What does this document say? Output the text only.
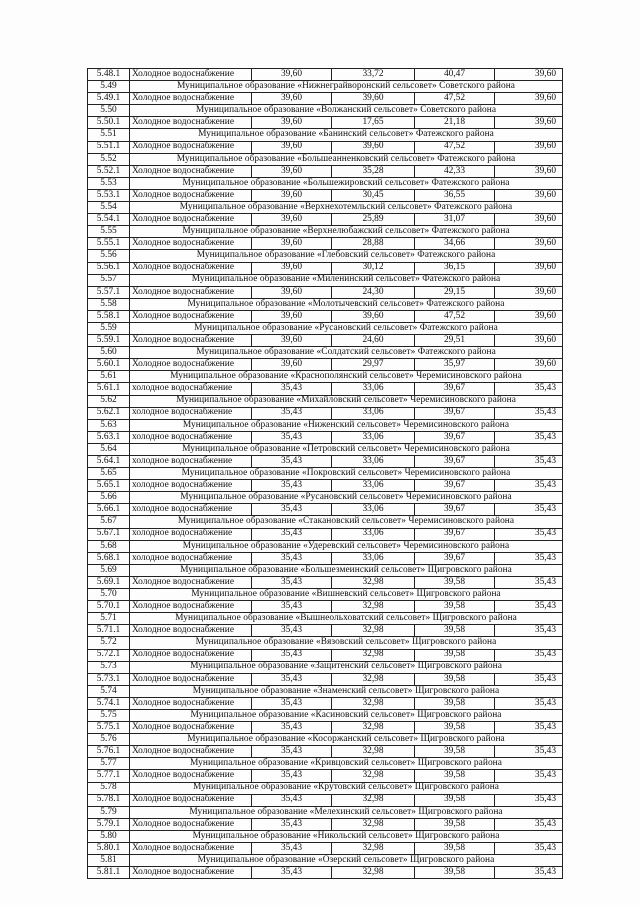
5.48.1	Холодное водоснабжение	39,60	33,72	40,47	39,60
5.49	Муниципальное образование «Нижнеграйворонский сельсовет» Советского района				
5.49.1	Холодное водоснабжение	39,60	39,60	47,52	39,60
5.50	Муниципальное образование «Волжанский сельсовет» Советского района				
5.50.1	Холодное водоснабжение	39,60	17,65	21,18	39,60
5.51	Муниципальное образование «Банинский сельсовет» Фатежского района				
5.51.1	Холодное водоснабжение	39,60	39,60	47,52	39,60
5.52	Муниципальное образование «Большеанненковский сельсовет» Фатежского района				
5.52.1	Холодное водоснабжение	39,60	35,28	42,33	39,60
5.53	Муниципальное образование «Большежировский сельсовет» Фатежского района				
5.53.1	Холодное водоснабжение	39,60	30,45	36,55	39,60
5.54	Муниципальное образование «Верхнехотемльский сельсовет» Фатежского района				
5.54.1	Холодное водоснабжение	39,60	25,89	31,07	39,60
5.55	Муниципальное образование «Верхнелюбажский сельсовет» Фатежского района				
5.55.1	Холодное водоснабжение	39,60	28,88	34,66	39,60
5.56	Муниципальное образование «Глебовский сельсовет» Фатежского района				
5.56.1	Холодное водоснабжение	39,60	30,12	36,15	39,60
5.57	Муниципальное образование «Миленинский сельсовет» Фатежского района				
5.57.1	Холодное водоснабжение	39,60	24,30	29,15	39,60
5.58	Муниципальное образование «Молотычевский сельсовет» Фатежского района				
5.58.1	Холодное водоснабжение	39,60	39,60	47,52	39,60
5.59	Муниципальное образование «Русановский сельсовет» Фатежского района				
5.59.1	Холодное водоснабжение	39,60	24,60	29,51	39,60
5.60	Муниципальное образование «Солдатский сельсовет» Фатежского района				
5.60.1	Холодное водоснабжение	39,60	29,97	35,97	39,60
5.61	Муниципальное образование «Краснополянский сельсовет» Черемисиновского района				
5.61.1	холодное водоснабжение	35,43	33,06	39,67	35,43
5.62	Муниципальное образование «Михайловский сельсовет» Черемисиновского района				
5.62.1	холодное водоснабжение	35,43	33,06	39,67	35,43
5.63	Муниципальное образование «Ниженский сельсовет» Черемисиновского района				
5.63.1	холодное водоснабжение	35,43	33,06	39,67	35,43
5.64	Муниципальное образование «Петровский сельсовет» Черемисиновского района				
5.64.1	холодное водоснабжение	35,43	33,06	39,67	35,43
5.65	Муниципальное образование «Покровский сельсовет» Черемисиновского района				
5.65.1	холодное водоснабжение	35,43	33,06	39,67	35,43
5.66	Муниципальное образование «Русановский сельсовет» Черемисиновского района				
5.66.1	холодное водоснабжение	35,43	33,06	39,67	35,43
5.67	Муниципальное образование «Стакановский сельсовет» Черемисиновского района				
5.67.1	холодное водоснабжение	35,43	33,06	39,67	35,43
5.68	Муниципальное образование «Удеревский сельсовет» Черемисиновского района				
5.68.1	холодное водоснабжение	35,43	33,06	39,67	35,43
5.69	Муниципальное образование «Большезмеинский сельсовет» Щигровского района				
5.69.1	Холодное водоснабжение	35,43	32,98	39,58	35,43
5.70	Муниципальное образование «Вишневский сельсовет» Щигровского района				
5.70.1	Холодное водоснабжение	35,43	32,98	39,58	35,43
5.71	Муниципальное образование «Вышнеольховатский сельсовет» Щигровского района				
5.71.1	Холодное водоснабжение	35,43	32,98	39,58	35,43
5.72	Муниципальное образование «Вязовский сельсовет» Щигровского района				
5.72.1	Холодное водоснабжение	35,43	32,98	39,58	35,43
5.73	Муниципальное образование «Защитенский сельсовет» Щигровского района				
5.73.1	Холодное водоснабжение	35,43	32,98	39,58	35,43
5.74	Муниципальное образование «Знаменский сельсовет» Щигровского района				
5.74.1	Холодное водоснабжение	35,43	32,98	39,58	35,43
5.75	Муниципальное образование «Касиновский сельсовет» Щигровского района				
5.75.1	Холодное водоснабжение	35,43	32,98	39,58	35,43
5.76	Муниципальное образование «Косоржанский сельсовет» Щигровского района				
5.76.1	Холодное водоснабжение	35,43	32,98	39,58	35,43
5.77	Муниципальное образование «Кривцовский сельсовет» Щигровского района				
5.77.1	Холодное водоснабжение	35,43	32,98	39,58	35,43
5.78	Муниципальное образование «Крутовский сельсовет» Щигровского района				
5.78.1	Холодное водоснабжение	35,43	32,98	39,58	35,43
5.79	Муниципальное образование «Мелехинский сельсовет» Щигровского района				
5.79.1	Холодное водоснабжение	35,43	32,98	39,58	35,43
5.80	Муниципальное образование «Никольский сельсовет» Щигровского района				
5.80.1	Холодное водоснабжение	35,43	32,98	39,58	35,43
5.81	Муниципальное образование «Озерский сельсовет» Щигровского района				
5.81.1	Холодное водоснабжение	35,43	32,98	39,58	35,43
